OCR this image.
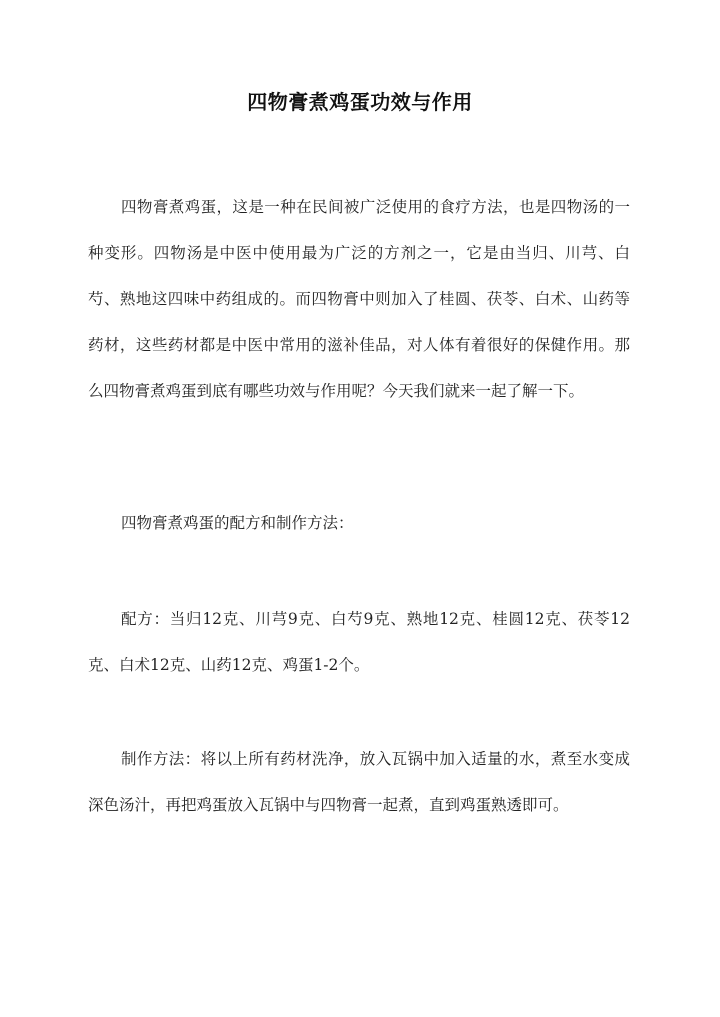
四物膏煮鸡蛋功效与作用

四物膏煮鸡蛋，这是一种在民间被广泛使用的食疗方法，也是四物汤的一种变形。四物汤是中医中使用最为广泛的方剂之一，它是由当归、川芎、白芍、熟地这四味中药组成的。而四物膏中则加入了桂圆、茯苓、白术、山药等药材，这些药材都是中医中常用的滋补佳品，对人体有着很好的保健作用。那么四物膏煮鸡蛋到底有哪些功效与作用呢？今天我们就来一起了解一下。

四物膏煮鸡蛋的配方和制作方法：

配方：当归12克、川芎9克、白芍9克、熟地12克、桂圆12克、茯苓12克、白术12克、山药12克、鸡蛋1-2个。

制作方法：将以上所有药材洗净，放入瓦锅中加入适量的水，煮至水变成深色汤汁，再把鸡蛋放入瓦锅中与四物膏一起煮，直到鸡蛋熟透即可。
